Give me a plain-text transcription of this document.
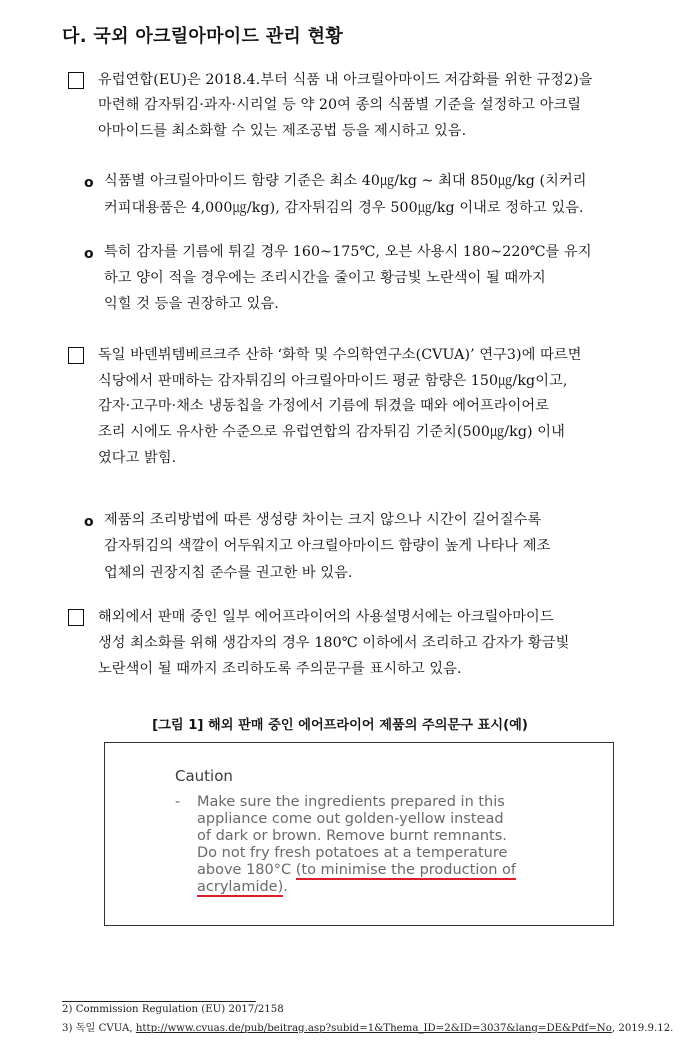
다. 국외 아크릴아마이드 관리 현황
유럽연합(EU)은 2018.4.부터 식품 내 아크릴아마이드 저감화를 위한 규정2)을
마련해 감자튀김·과자·시리얼 등 약 20여 종의 식품별 기준을 설정하고 아크릴
아마이드를 최소화할 수 있는 제조공법 등을 제시하고 있음.
o 식품별 아크릴아마이드 함량 기준은 최소 40㎍/kg ~ 최대 850㎍/kg (치커리
커피대용품은 4,000㎍/kg), 감자튀김의 경우 500㎍/kg 이내로 정하고 있음.
o 특히 감자를 기름에 튀길 경우 160~175℃, 오븐 사용시 180~220℃를 유지
하고 양이 적을 경우에는 조리시간을 줄이고 황금빛 노란색이 될 때까지
익힐 것 등을 권장하고 있음.
독일 바덴뷔템베르크주 산하 ‘화학 및 수의학연구소(CVUA)’ 연구3)에 따르면
식당에서 판매하는 감자튀김의 아크릴아마이드 평균 함량은 150㎍/kg이고,
감자·고구마·채소 냉동칩을 가정에서 기름에 튀겼을 때와 에어프라이어로
조리 시에도 유사한 수준으로 유럽연합의 감자튀김 기준치(500㎍/kg) 이내
였다고 밝힘.
o 제품의 조리방법에 따른 생성량 차이는 크지 않으나 시간이 길어질수록
감자튀김의 색깔이 어두워지고 아크릴아마이드 함량이 높게 나타나 제조
업체의 권장지침 준수를 권고한 바 있음.
해외에서 판매 중인 일부 에어프라이어의 사용설명서에는 아크릴아마이드
생성 최소화를 위해 생감자의 경우 180℃ 이하에서 조리하고 감자가 황금빛
노란색이 될 때까지 조리하도록 주의문구를 표시하고 있음.
[그림 1] 해외 판매 중인 에어프라이어 제품의 주의문구 표시(예)
Caution
- Make sure the ingredients prepared in this
appliance come out golden-yellow instead
of dark or brown. Remove burnt remnants.
Do not fry fresh potatoes at a temperature
above 180°C (to minimise the production of
acrylamide).
2) Commission Regulation (EU) 2017/2158
3) 독일 CVUA, http://www.cvuas.de/pub/beitrag.asp?subid=1&Thema_ID=2&ID=3037&lang=DE&Pdf=No, 2019.9.12.
